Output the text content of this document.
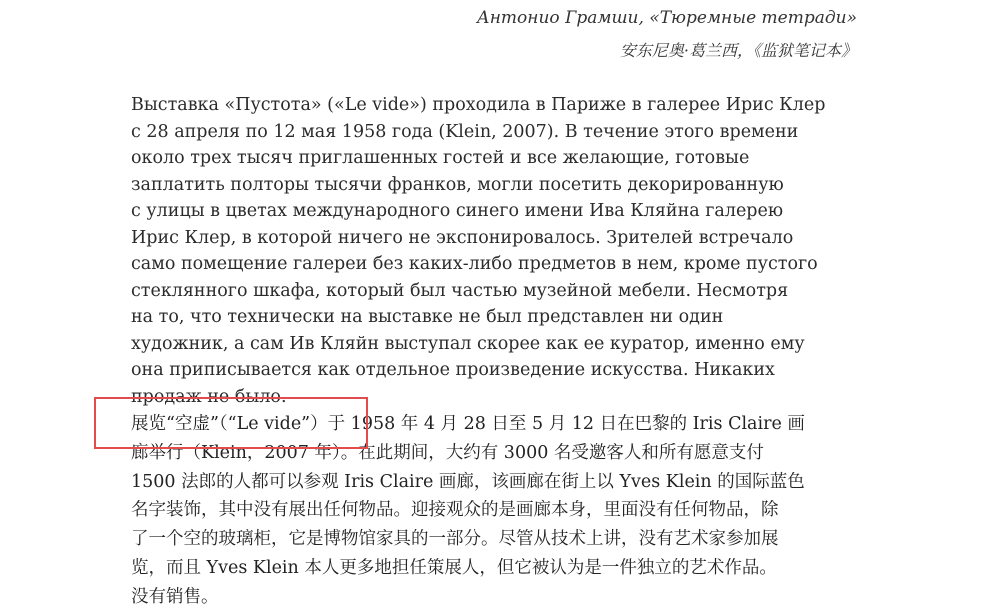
Антонио Грамши, «Тюремные тетради»
安东尼奥·葛兰西，《监狱笔记本》
Выставка «Пустота» («Le vide») проходила в Париже в галерее Ирис Клер
с 28 апреля по 12 мая 1958 года (Klein, 2007). В течение этого времени
около трех тысяч приглашенных гостей и все желающие, готовые
заплатить полторы тысячи франков, могли посетить декорированную
с улицы в цветах международного синего имени Ива Кляйна галерею
Ирис Клер, в которой ничего не экспонировалось. Зрителей встречало
само помещение галереи без каких-либо предметов в нем, кроме пустого
стеклянного шкафа, который был частью музейной мебели. Несмотря
на то, что технически на выставке не был представлен ни один
художник, а сам Ив Кляйн выступал скорее как ее куратор, именно ему
она приписывается как отдельное произведение искусства. Никаких
продаж не было.
展览“空虚”（“Le vide”）于 1958 年 4 月 28 日至 5 月 12 日在巴黎的 Iris Claire 画
廊举行（Klein，2007 年）。在此期间，大约有 3000 名受邀客人和所有愿意支付
1500 法郎的人都可以参观 Iris Claire 画廊，该画廊在街上以 Yves Klein 的国际蓝色
名字装饰，其中没有展出任何物品。迎接观众的是画廊本身，里面没有任何物品，除
了一个空的玻璃柜，它是博物馆家具的一部分。尽管从技术上讲，没有艺术家参加展
览，而且 Yves Klein 本人更多地担任策展人，但它被认为是一件独立的艺术作品。
没有销售。
